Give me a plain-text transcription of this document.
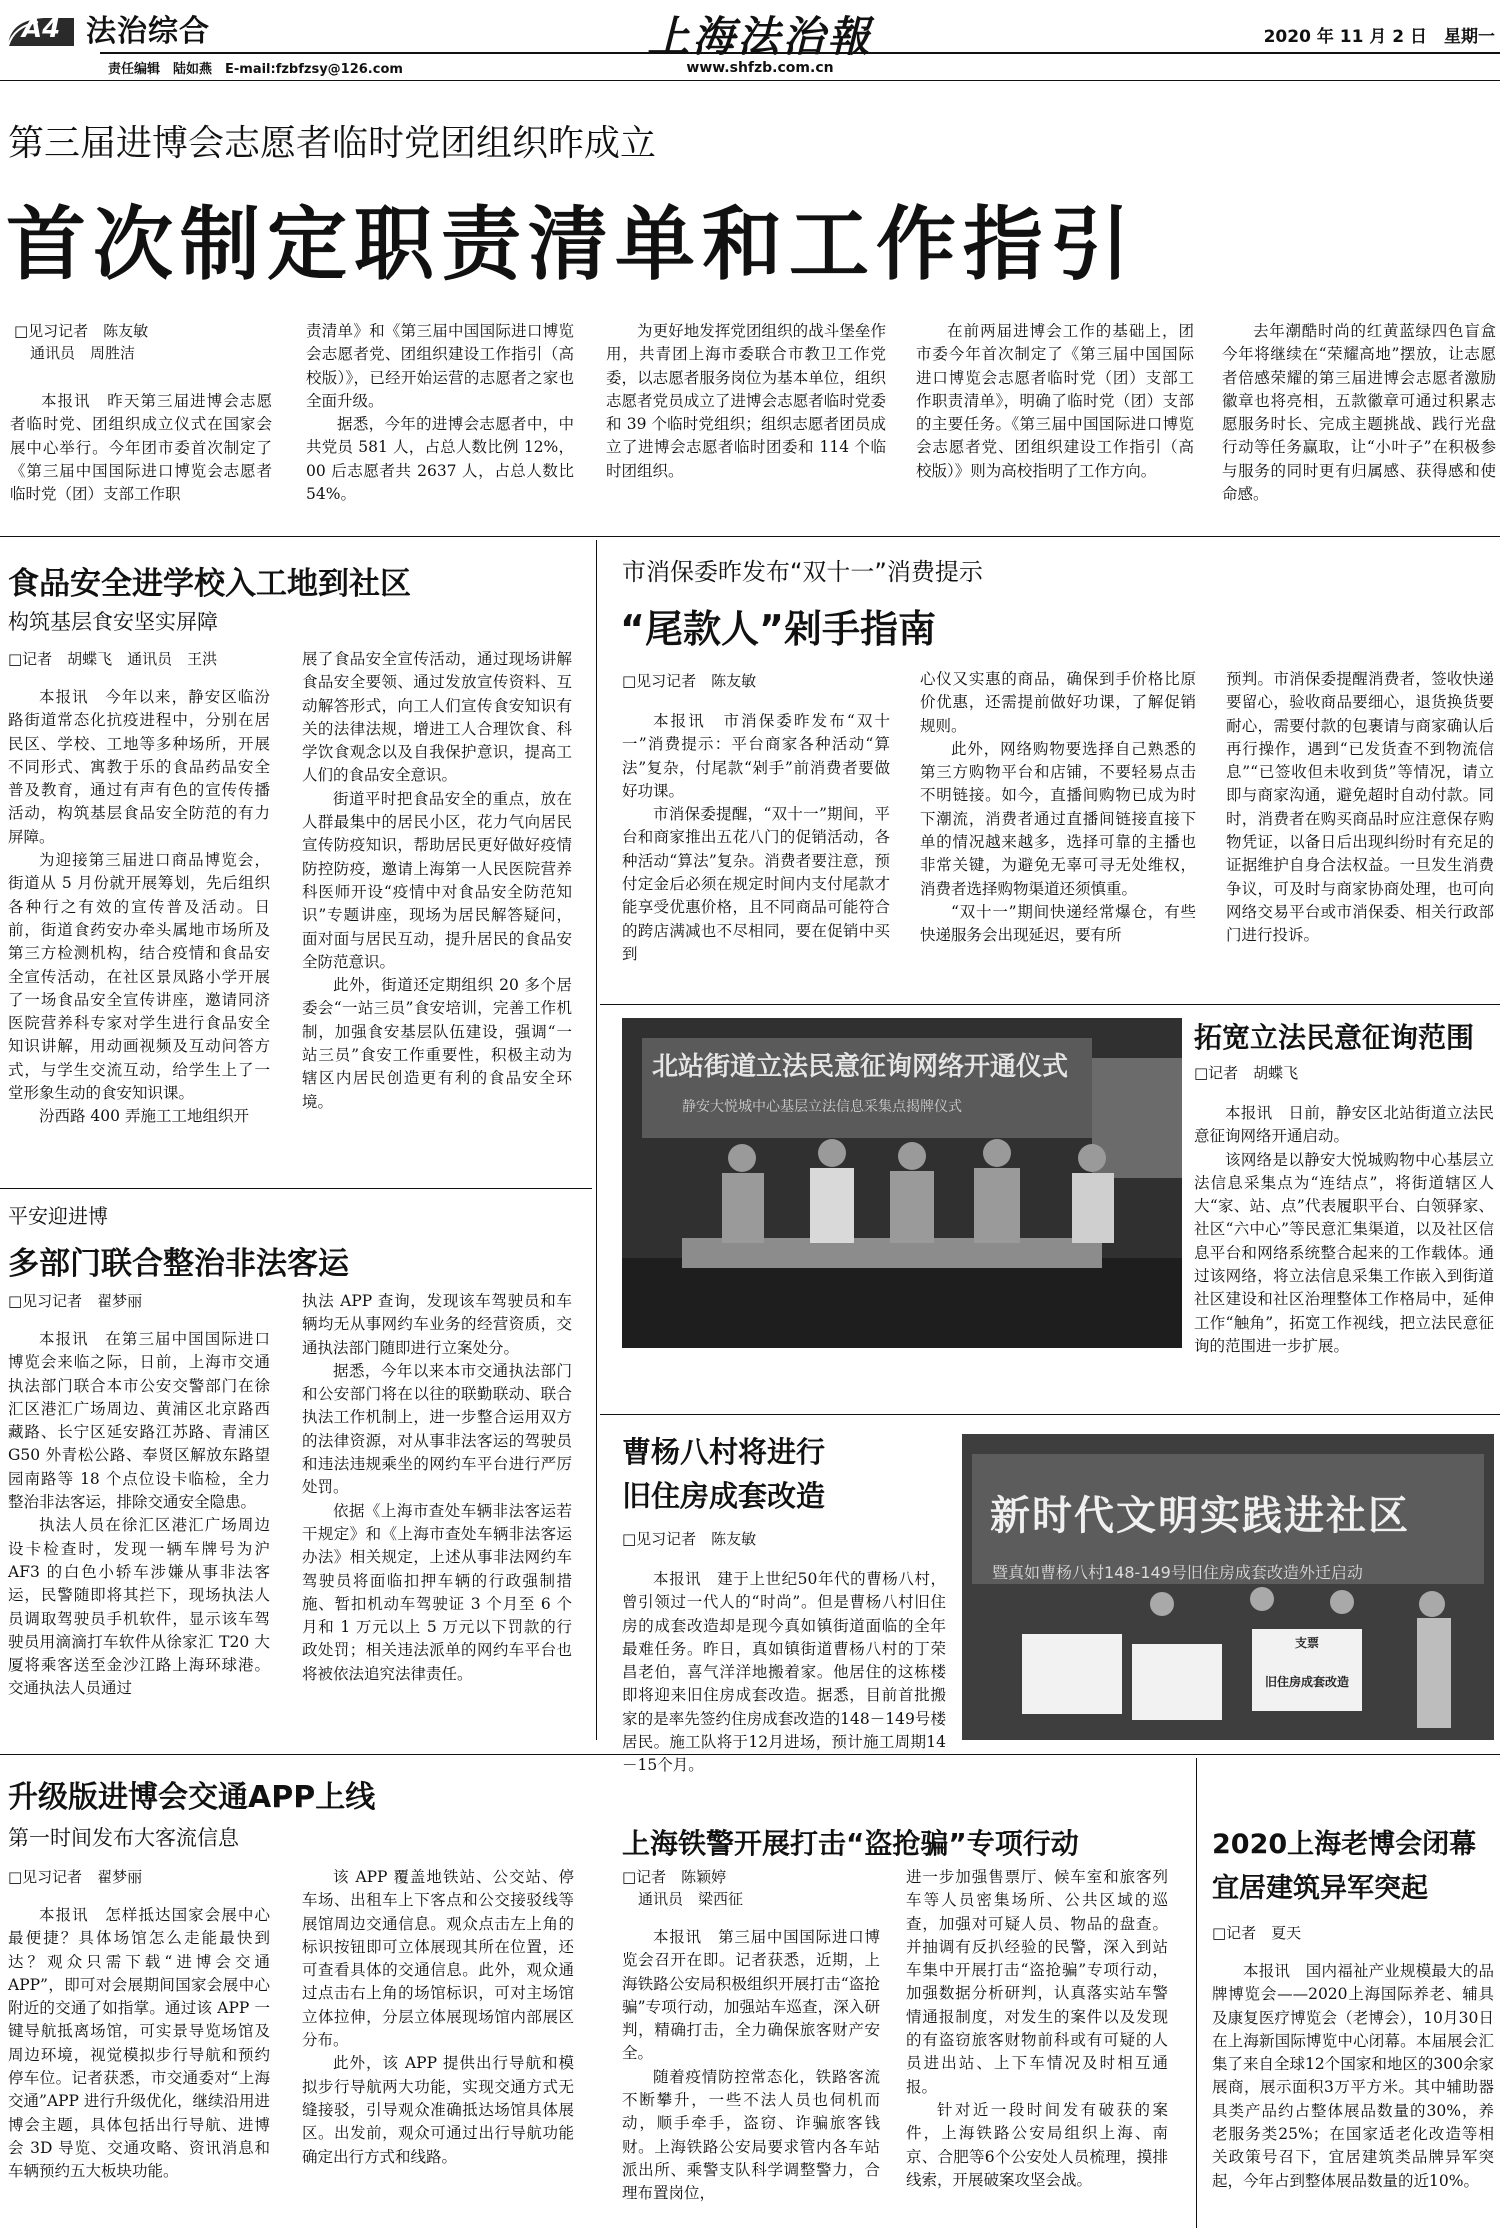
A4 法治综合
责任编辑　陆如燕　E-mail:fzbfzsy@126.com
上海法治報
www.shfzb.com.cn
2020 年 11 月 2 日　星期一
第三届进博会志愿者临时党团组织昨成立
首次制定职责清单和工作指引
□见习记者　陈友敏
通讯员　周胜洁

本报讯　昨天第三届进博会志愿者临时党、团组织成立仪式在国家会展中心举行。今年团市委首次制定了《第三届中国国际进口博览会志愿者临时党（团）支部工作职

责清单》和《第三届中国国际进口博览会志愿者党、团组织建设工作指引（高校版）》，已经开始运营的志愿者之家也全面升级。

据悉，今年的进博会志愿者中，中共党员 581 人，占总人数比例 12%，00 后志愿者共 2637 人，占总人数比 54%。

为更好地发挥党团组织的战斗堡垒作用，共青团上海市委联合市教卫工作党委，以志愿者服务岗位为基本单位，组织志愿者党员成立了进博会志愿者临时党委和 39 个临时党组织；组织志愿者团员成立了进博会志愿者临时团委和 114 个临时团组织。

在前两届进博会工作的基础上，团市委今年首次制定了《第三届中国国际进口博览会志愿者临时党（团）支部工作职责清单》，明确了临时党（团）支部的主要任务。《第三届中国国际进口博览会志愿者党、团组织建设工作指引（高校版）》则为高校指明了工作方向。

去年潮酷时尚的红黄蓝绿四色盲盒今年将继续在“荣耀高地”摆放，让志愿者倍感荣耀的第三届进博会志愿者激励徽章也将亮相，五款徽章可通过积累志愿服务时长、完成主题挑战、践行光盘行动等任务赢取，让“小叶子”在积极参与服务的同时更有归属感、获得感和使命感。

食品安全进学校入工地到社区
构筑基层食安坚实屏障
□记者　胡蝶飞　通讯员　王洪

本报讯　今年以来，静安区临汾路街道常态化抗疫进程中，分别在居民区、学校、工地等多种场所，开展不同形式、寓教于乐的食品药品安全普及教育，通过有声有色的宣传传播活动，构筑基层食品安全防范的有力屏障。

为迎接第三届进口商品博览会，街道从 5 月份就开展筹划，先后组织各种行之有效的宣传普及活动。日前，街道食药安办牵头属地市场所及第三方检测机构，结合疫情和食品安全宣传活动，在社区景凤路小学开展了一场食品安全宣传讲座，邀请同济医院营养科专家对学生进行食品安全知识讲解，用动画视频及互动问答方式，与学生交流互动，给学生上了一堂形象生动的食安知识课。

汾西路 400 弄施工工地组织开

展了食品安全宣传活动，通过现场讲解食品安全要领、通过发放宣传资料、互动解答形式，向工人们宣传食安知识有关的法律法规，增进工人合理饮食、科学饮食观念以及自我保护意识，提高工人们的食品安全意识。

街道平时把食品安全的重点，放在人群最集中的居民小区，花力气向居民宣传防疫知识，帮助居民更好做好疫情防控防疫，邀请上海第一人民医院营养科医师开设“疫情中对食品安全防范知识”专题讲座，现场为居民解答疑问，面对面与居民互动，提升居民的食品安全防范意识。

此外，街道还定期组织 20 多个居委会“一站三员”食安培训，完善工作机制，加强食安基层队伍建设，强调“一站三员”食安工作重要性，积极主动为辖区内居民创造更有利的食品安全环境。

市消保委昨发布“双十一”消费提示
“尾款人”剁手指南
□见习记者　陈友敏

本报讯　市消保委昨发布“双十一”消费提示：平台商家各种活动“算法”复杂，付尾款“剁手”前消费者要做好功课。

市消保委提醒，“双十一”期间，平台和商家推出五花八门的促销活动，各种活动“算法”复杂。消费者要注意，预付定金后必须在规定时间内支付尾款才能享受优惠价格，且不同商品可能符合的跨店满减也不尽相同，要在促销中买到

心仪又实惠的商品，确保到手价格比原价优惠，还需提前做好功课，了解促销规则。

此外，网络购物要选择自己熟悉的第三方购物平台和店铺，不要轻易点击不明链接。如今，直播间购物已成为时下潮流，消费者通过直播间链接直接下单的情况越来越多，选择可靠的主播也非常关键，为避免无辜可寻无处维权，消费者选择购物渠道还须慎重。

“双十一”期间快递经常爆仓，有些快递服务会出现延迟，要有所

预判。市消保委提醒消费者，签收快递要留心，验收商品要细心，退货换货要耐心，需要付款的包裹请与商家确认后再行操作，遇到“已发货查不到物流信息”“已签收但未收到货”等情况，请立即与商家沟通，避免超时自动付款。同时，消费者在购买商品时应注意保存购物凭证，以备日后出现纠纷时有充足的证据维护自身合法权益。一旦发生消费争议，可及时与商家协商处理，也可向网络交易平台或市消保委、相关行政部门进行投诉。

北站街道立法民意征询网络开通仪式
静安大悦城中心基层立法信息采集点揭牌仪式
拓宽立法民意征询范围
□记者　胡蝶飞

本报讯　日前，静安区北站街道立法民意征询网络开通启动。

该网络是以静安大悦城购物中心基层立法信息采集点为“连结点”，将街道辖区人大“家、站、点”代表履职平台、白领驿家、社区“六中心”等民意汇集渠道，以及社区信息平台和网络系统整合起来的工作载体。通过该网络，将立法信息采集工作嵌入到街道社区建设和社区治理整体工作格局中，延伸工作“触角”，拓宽工作视线，把立法民意征询的范围进一步扩展。

平安迎进博
多部门联合整治非法客运
□见习记者　翟梦丽

本报讯　在第三届中国国际进口博览会来临之际，日前，上海市交通执法部门联合本市公安交警部门在徐汇区港汇广场周边、黄浦区北京路西藏路、长宁区延安路江苏路、青浦区 G50 外青松公路、奉贤区解放东路望园南路等 18 个点位设卡临检，全力整治非法客运，排除交通安全隐患。

执法人员在徐汇区港汇广场周边设卡检查时，发现一辆车牌号为沪 AF3 的白色小轿车涉嫌从事非法客运，民警随即将其拦下，现场执法人员调取驾驶员手机软件，显示该车驾驶员用滴滴打车软件从徐家汇 T20 大厦将乘客送至金沙江路上海环球港。交通执法人员通过

执法 APP 查询，发现该车驾驶员和车辆均无从事网约车业务的经营资质，交通执法部门随即进行立案处分。

据悉，今年以来本市交通执法部门和公安部门将在以往的联勤联动、联合执法工作机制上，进一步整合运用双方的法律资源，对从事非法客运的驾驶员和违法违规乘坐的网约车平台进行严厉处罚。

依据《上海市查处车辆非法客运若干规定》和《上海市查处车辆非法客运办法》相关规定，上述从事非法网约车驾驶员将面临扣押车辆的行政强制措施、暂扣机动车驾驶证 3 个月至 6 个月和 1 万元以上 5 万元以下罚款的行政处罚；相关违法派单的网约车平台也将被依法追究法律责任。

曹杨八村将进行
旧住房成套改造
□见习记者　陈友敏

本报讯　建于上世纪50年代的曹杨八村，曾引领过一代人的“时尚”。但是曹杨八村旧住房的成套改造却是现今真如镇街道面临的全年最难任务。昨日，真如镇街道曹杨八村的丁荣昌老伯，喜气洋洋地搬着家。他居住的这栋楼即将迎来旧住房成套改造。据悉，目前首批搬家的是率先签约住房成套改造的148－149号楼居民。施工队将于12月进场，预计施工周期14－15个月。

新时代文明实践进社区
暨真如曹杨八村148-149号旧住房成套改造外迁启动
支票
旧住房成套改造
升级版进博会交通APP上线
第一时间发布大客流信息
□见习记者　翟梦丽

本报讯　怎样抵达国家会展中心最便捷？具体场馆怎么走能最快到达？观众只需下载“进博会交通 APP”，即可对会展期间国家会展中心附近的交通了如指掌。通过该 APP 一键导航抵离场馆，可实景导览场馆及周边环境，视觉模拟步行导航和预约停车位。记者获悉，市交通委对“上海交通”APP 进行升级优化，继续沿用进博会主题，具体包括出行导航、进博会 3D 导览、交通攻略、资讯消息和车辆预约五大板块功能。

该 APP 覆盖地铁站、公交站、停车场、出租车上下客点和公交接驳线等展馆周边交通信息。观众点击左上角的标识按钮即可立体展现其所在位置，还可查看具体的交通信息。此外，观众通过点击右上角的场馆标识，可对主场馆立体拉伸，分层立体展现场馆内部展区分布。

此外，该 APP 提供出行导航和模拟步行导航两大功能，实现交通方式无缝接驳，引导观众准确抵达场馆具体展区。出发前，观众可通过出行导航功能确定出行方式和线路。

上海铁警开展打击“盗抢骗”专项行动
□记者　陈颖婷
通讯员　梁西征

本报讯　第三届中国国际进口博览会召开在即。记者获悉，近期，上海铁路公安局积极组织开展打击“盗抢骗”专项行动，加强站车巡查，深入研判，精确打击，全力确保旅客财产安全。

随着疫情防控常态化，铁路客流不断攀升，一些不法人员也伺机而动，顺手牵手，盗窃、诈骗旅客钱财。上海铁路公安局要求管内各车站派出所、乘警支队科学调整警力，合理布置岗位，

进一步加强售票厅、候车室和旅客列车等人员密集场所、公共区域的巡查，加强对可疑人员、物品的盘查。并抽调有反扒经验的民警，深入到站车集中开展打击“盗抢骗”专项行动，加强数据分析研判，认真落实站车警情通报制度，对发生的案件以及发现的有盗窃旅客财物前科或有可疑的人员进出站、上下车情况及时相互通报。

针对近一段时间发有破获的案件，上海铁路公安局组织上海、南京、合肥等6个公安处人员梳理，摸排线索，开展破案攻坚会战。

2020上海老博会闭幕
宜居建筑异军突起
□记者　夏天

本报讯　国内福祉产业规模最大的品牌博览会——2020上海国际养老、辅具及康复医疗博览会（老博会），10月30日在上海新国际博览中心闭幕。本届展会汇集了来自全球12个国家和地区的300余家展商，展示面积3万平方米。其中辅助器具类产品约占整体展品数量的30%，养老服务类25%；在国家适老化改造等相关政策号召下，宜居建筑类品牌异军突起，今年占到整体展品数量的近10%。
